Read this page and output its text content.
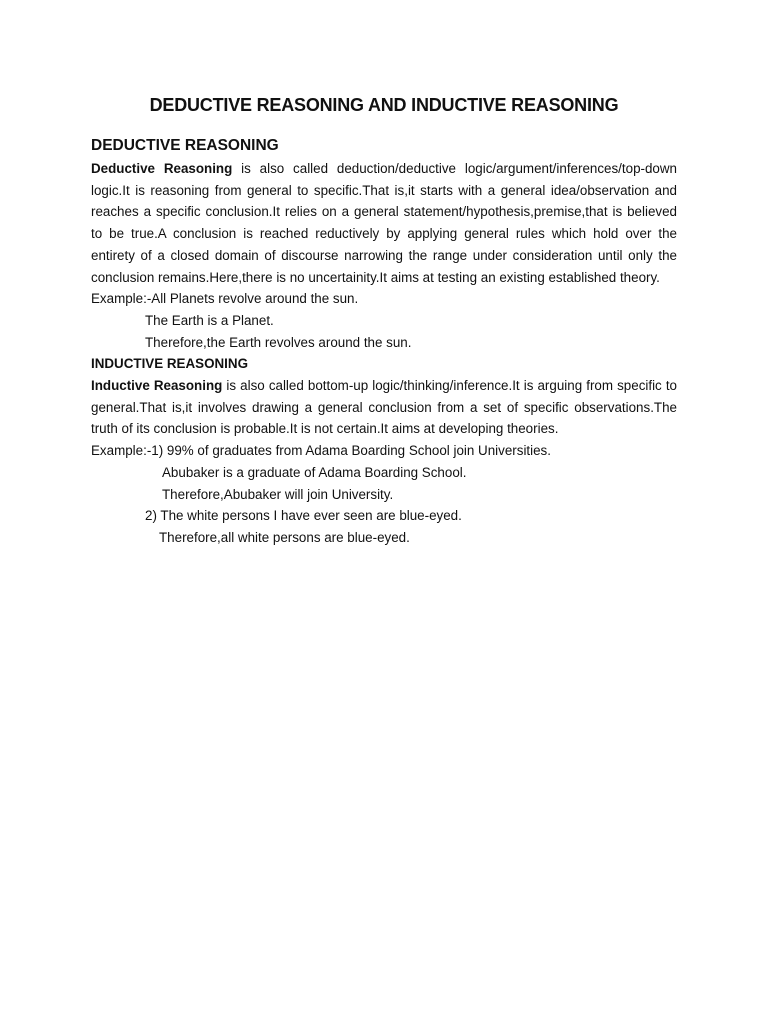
DEDUCTIVE REASONING AND INDUCTIVE REASONING
DEDUCTIVE REASONING

Deductive Reasoning is also called deduction/deductive logic/argument/inferences/top-down logic.It is reasoning from general to specific.That is,it starts with a general idea/observation and reaches a specific conclusion.It relies on a general statement/hypothesis,premise,that is believed to be true.A conclusion is reached reductively by applying general rules which hold over the entirety of a closed domain of discourse narrowing the range under consideration until only the conclusion remains.Here,there is no uncertainity.It aims at testing an existing established theory.

Example:-All Planets revolve around the sun.

The Earth is a Planet.

Therefore,the Earth revolves around the sun.

INDUCTIVE REASONING

Inductive Reasoning is also called bottom-up logic/thinking/inference.It is arguing from specific to general.That is,it involves drawing a general conclusion from a set of specific observations.The truth of its conclusion is probable.It is not certain.It aims at developing theories.

Example:-1) 99% of graduates from Adama Boarding School join Universities.

Abubaker is a graduate of Adama Boarding School.

Therefore,Abubaker will join University.

2) The white persons I have ever seen are blue-eyed.

Therefore,all white persons are blue-eyed.
